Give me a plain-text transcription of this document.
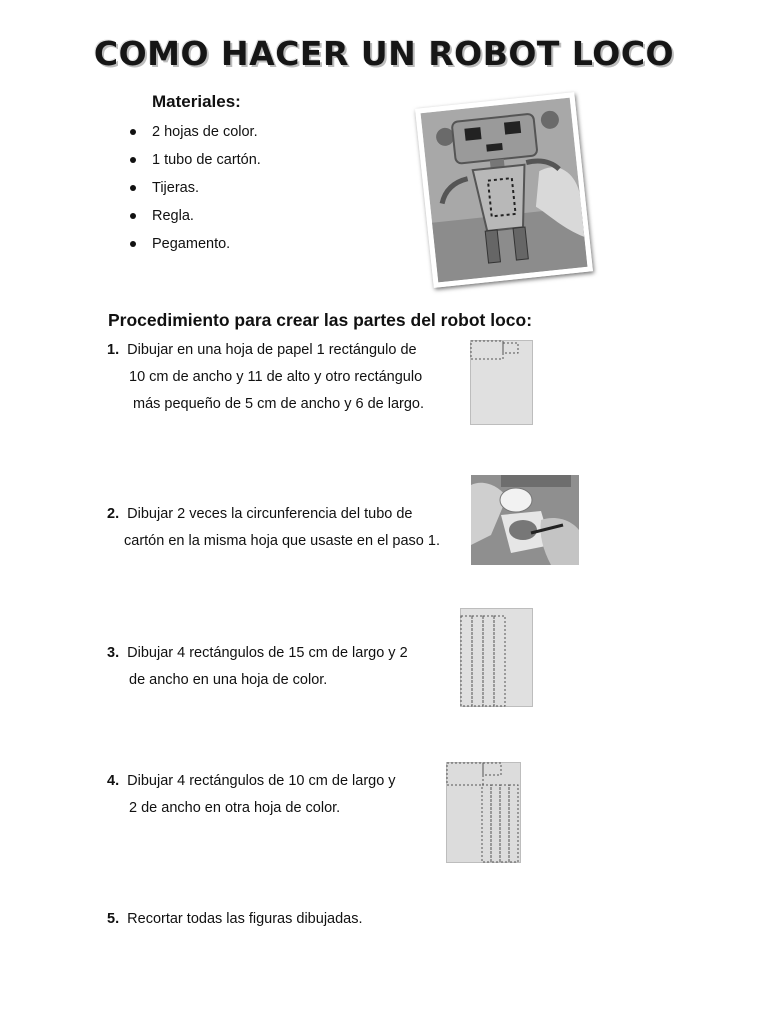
COMO HACER UN ROBOT LOCO
Materiales:
2 hojas de color.
1 tubo de cartón.
Tijeras.
Regla.
Pegamento.
Procedimiento para crear las partes del robot loco:
1. Dibujar en una hoja de papel 1 rectángulo de
10 cm de ancho y 11 de alto y otro rectángulo
más pequeño de 5 cm de ancho y 6 de largo.
2. Dibujar 2 veces la circunferencia del tubo de
cartón en la misma hoja que usaste en el paso 1.
3. Dibujar 4 rectángulos de 15 cm de largo y 2
de ancho en una hoja de color.
4. Dibujar 4 rectángulos de 10 cm de largo y
2 de ancho en otra hoja de color.
5. Recortar todas las figuras dibujadas.
